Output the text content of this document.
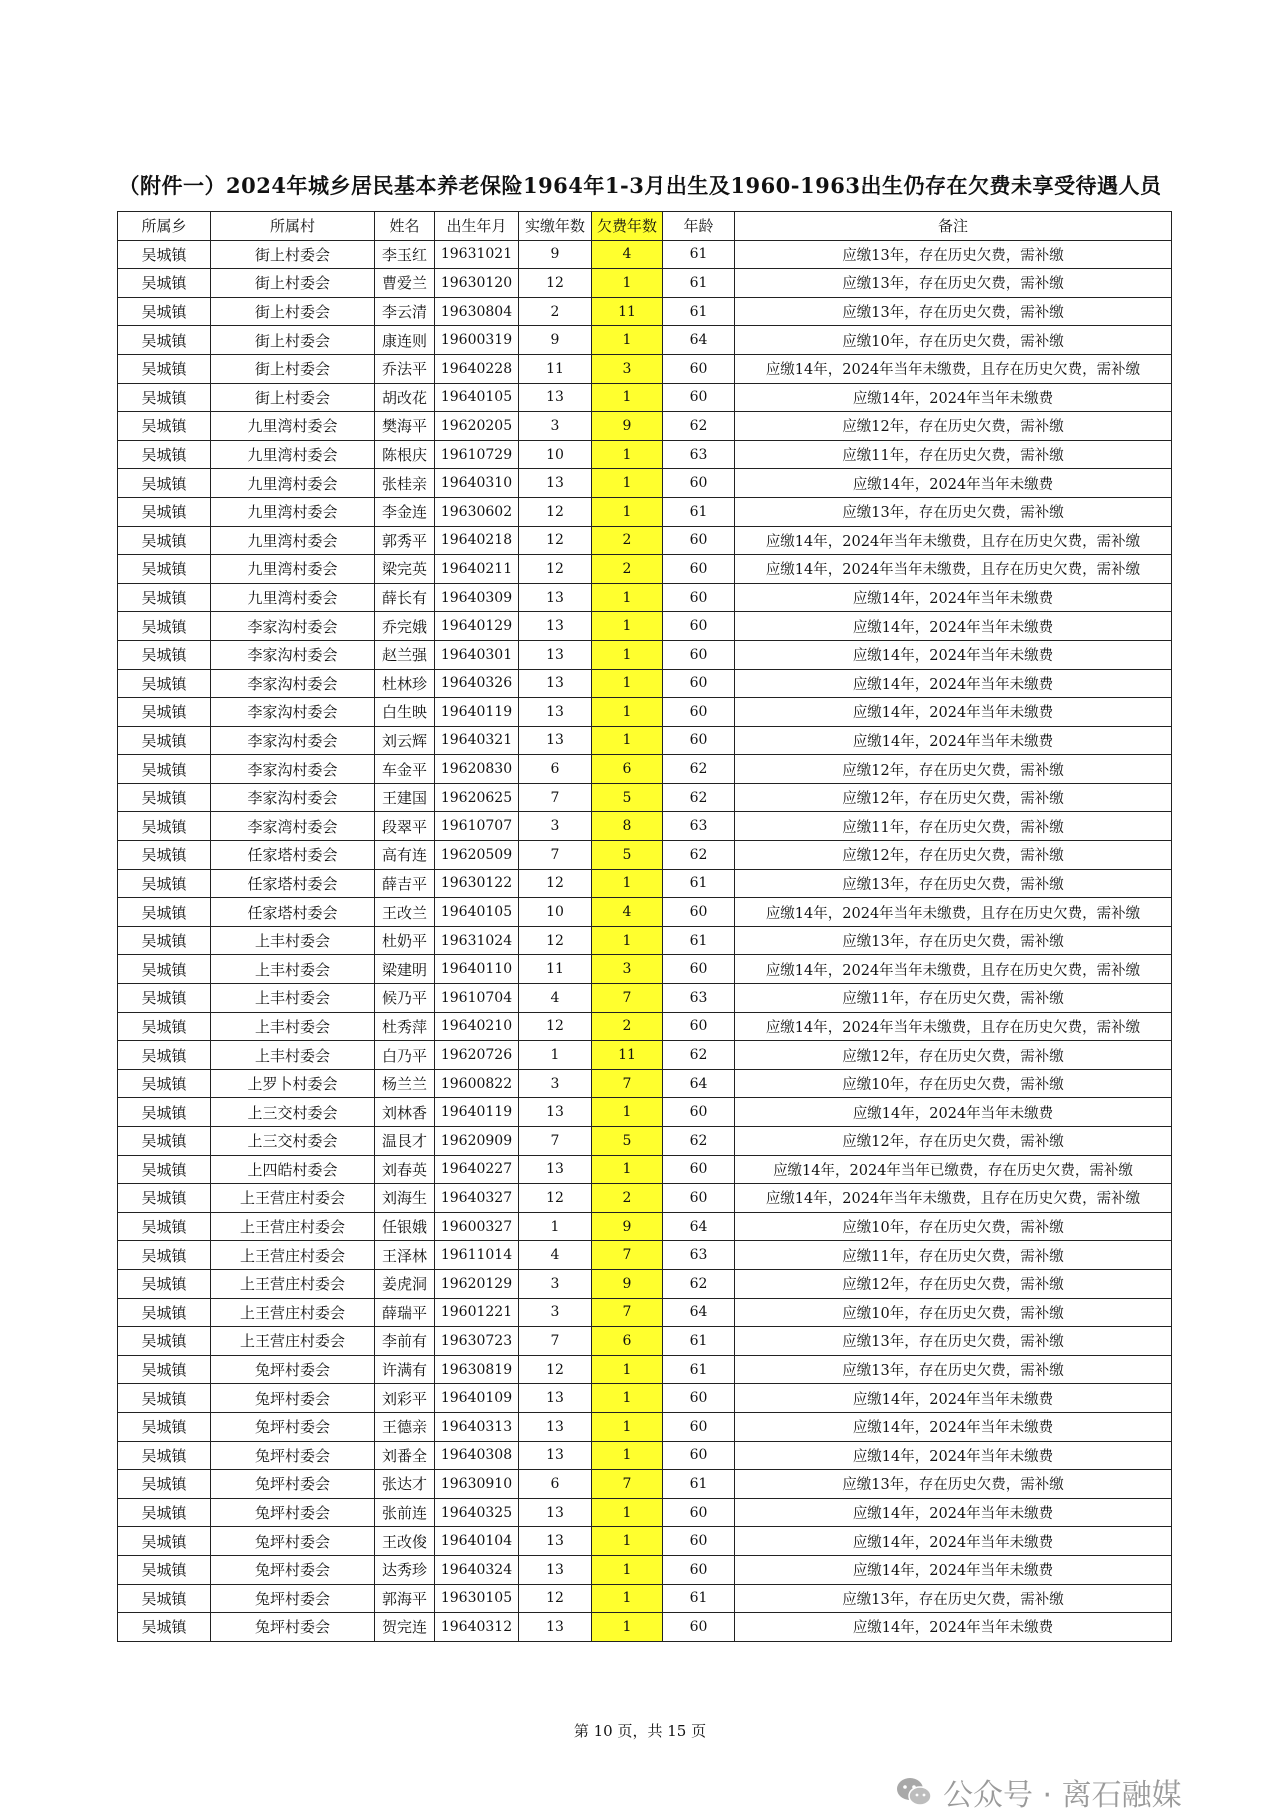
（附件一）2024年城乡居民基本养老保险1964年1-3月出生及1960-1963出生仍存在欠费未享受待遇人员
所属乡	所属村	姓名	出生年月	实缴年数	欠费年数	年龄	备注
吴城镇	街上村委会	李玉红	19631021	9	4	61	应缴13年，存在历史欠费，需补缴
吴城镇	街上村委会	曹爱兰	19630120	12	1	61	应缴13年，存在历史欠费，需补缴
吴城镇	街上村委会	李云清	19630804	2	11	61	应缴13年，存在历史欠费，需补缴
吴城镇	街上村委会	康连则	19600319	9	1	64	应缴10年，存在历史欠费，需补缴
吴城镇	街上村委会	乔法平	19640228	11	3	60	应缴14年，2024年当年未缴费，且存在历史欠费，需补缴
吴城镇	街上村委会	胡改花	19640105	13	1	60	应缴14年，2024年当年未缴费
吴城镇	九里湾村委会	樊海平	19620205	3	9	62	应缴12年，存在历史欠费，需补缴
吴城镇	九里湾村委会	陈根庆	19610729	10	1	63	应缴11年，存在历史欠费，需补缴
吴城镇	九里湾村委会	张桂亲	19640310	13	1	60	应缴14年，2024年当年未缴费
吴城镇	九里湾村委会	李金连	19630602	12	1	61	应缴13年，存在历史欠费，需补缴
吴城镇	九里湾村委会	郭秀平	19640218	12	2	60	应缴14年，2024年当年未缴费，且存在历史欠费，需补缴
吴城镇	九里湾村委会	梁完英	19640211	12	2	60	应缴14年，2024年当年未缴费，且存在历史欠费，需补缴
吴城镇	九里湾村委会	薛长有	19640309	13	1	60	应缴14年，2024年当年未缴费
吴城镇	李家沟村委会	乔完娥	19640129	13	1	60	应缴14年，2024年当年未缴费
吴城镇	李家沟村委会	赵兰强	19640301	13	1	60	应缴14年，2024年当年未缴费
吴城镇	李家沟村委会	杜林珍	19640326	13	1	60	应缴14年，2024年当年未缴费
吴城镇	李家沟村委会	白生映	19640119	13	1	60	应缴14年，2024年当年未缴费
吴城镇	李家沟村委会	刘云辉	19640321	13	1	60	应缴14年，2024年当年未缴费
吴城镇	李家沟村委会	车金平	19620830	6	6	62	应缴12年，存在历史欠费，需补缴
吴城镇	李家沟村委会	王建国	19620625	7	5	62	应缴12年，存在历史欠费，需补缴
吴城镇	李家湾村委会	段翠平	19610707	3	8	63	应缴11年，存在历史欠费，需补缴
吴城镇	任家塔村委会	高有连	19620509	7	5	62	应缴12年，存在历史欠费，需补缴
吴城镇	任家塔村委会	薛吉平	19630122	12	1	61	应缴13年，存在历史欠费，需补缴
吴城镇	任家塔村委会	王改兰	19640105	10	4	60	应缴14年，2024年当年未缴费，且存在历史欠费，需补缴
吴城镇	上丰村委会	杜奶平	19631024	12	1	61	应缴13年，存在历史欠费，需补缴
吴城镇	上丰村委会	梁建明	19640110	11	3	60	应缴14年，2024年当年未缴费，且存在历史欠费，需补缴
吴城镇	上丰村委会	候乃平	19610704	4	7	63	应缴11年，存在历史欠费，需补缴
吴城镇	上丰村委会	杜秀萍	19640210	12	2	60	应缴14年，2024年当年未缴费，且存在历史欠费，需补缴
吴城镇	上丰村委会	白乃平	19620726	1	11	62	应缴12年，存在历史欠费，需补缴
吴城镇	上罗卜村委会	杨兰兰	19600822	3	7	64	应缴10年，存在历史欠费，需补缴
吴城镇	上三交村委会	刘林香	19640119	13	1	60	应缴14年，2024年当年未缴费
吴城镇	上三交村委会	温艮才	19620909	7	5	62	应缴12年，存在历史欠费，需补缴
吴城镇	上四皓村委会	刘春英	19640227	13	1	60	应缴14年，2024年当年已缴费，存在历史欠费，需补缴
吴城镇	上王营庄村委会	刘海生	19640327	12	2	60	应缴14年，2024年当年未缴费，且存在历史欠费，需补缴
吴城镇	上王营庄村委会	任银娥	19600327	1	9	64	应缴10年，存在历史欠费，需补缴
吴城镇	上王营庄村委会	王泽林	19611014	4	7	63	应缴11年，存在历史欠费，需补缴
吴城镇	上王营庄村委会	姜虎洞	19620129	3	9	62	应缴12年，存在历史欠费，需补缴
吴城镇	上王营庄村委会	薛瑞平	19601221	3	7	64	应缴10年，存在历史欠费，需补缴
吴城镇	上王营庄村委会	李前有	19630723	7	6	61	应缴13年，存在历史欠费，需补缴
吴城镇	兔坪村委会	许满有	19630819	12	1	61	应缴13年，存在历史欠费，需补缴
吴城镇	兔坪村委会	刘彩平	19640109	13	1	60	应缴14年，2024年当年未缴费
吴城镇	兔坪村委会	王德亲	19640313	13	1	60	应缴14年，2024年当年未缴费
吴城镇	兔坪村委会	刘番全	19640308	13	1	60	应缴14年，2024年当年未缴费
吴城镇	兔坪村委会	张达才	19630910	6	7	61	应缴13年，存在历史欠费，需补缴
吴城镇	兔坪村委会	张前连	19640325	13	1	60	应缴14年，2024年当年未缴费
吴城镇	兔坪村委会	王改俊	19640104	13	1	60	应缴14年，2024年当年未缴费
吴城镇	兔坪村委会	达秀珍	19640324	13	1	60	应缴14年，2024年当年未缴费
吴城镇	兔坪村委会	郭海平	19630105	12	1	61	应缴13年，存在历史欠费，需补缴
吴城镇	兔坪村委会	贺完连	19640312	13	1	60	应缴14年，2024年当年未缴费
第 10 页，共 15 页
公众号 · 离石融媒
